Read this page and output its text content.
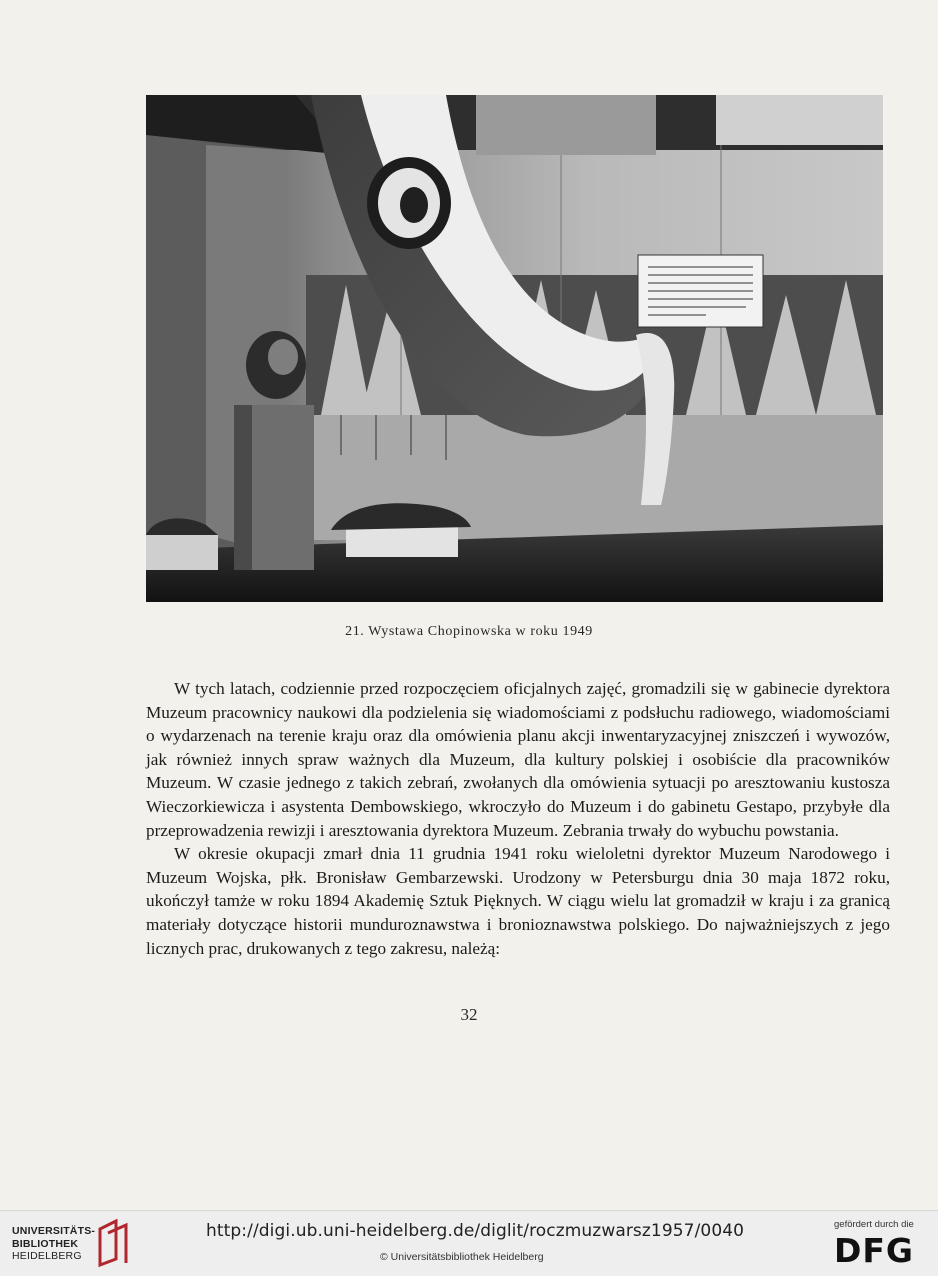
21. Wystawa Chopinowska w roku 1949

W tych latach, codziennie przed rozpoczęciem oficjalnych zajęć, gromadzili się w gabinecie dyrektora Muzeum pracownicy naukowi dla podzielenia się wiadomościami z podsłuchu radiowego, wiadomościami o wydarzenach na terenie kraju oraz dla omówienia planu akcji inwentaryzacyjnej zniszczeń i wywozów, jak również innych spraw ważnych dla Muzeum, dla kultury polskiej i osobiście dla pracowników Muzeum. W czasie jednego z takich zebrań, zwołanych dla omówienia sytuacji po aresztowaniu kustosza Wieczorkiewicza i asystenta Dembowskiego, wkroczyło do Muzeum i do gabinetu Gestapo, przybyłe dla przeprowadzenia rewizji i aresztowania dyrektora Muzeum. Zebrania trwały do wybuchu powstania.

W okresie okupacji zmarł dnia 11 grudnia 1941 roku wieloletni dyrektor Muzeum Narodowego i Muzeum Wojska, płk. Bronisław Gembarzewski. Urodzony w Petersburgu dnia 30 maja 1872 roku, ukończył tamże w roku 1894 Akademię Sztuk Pięknych. W ciągu wielu lat gromadził w kraju i za granicą materiały dotyczące historii munduroznawstwa i bronioznawstwa polskiego. Do najważniejszych z jego licznych prac, drukowanych z tego zakresu, należą:

32
UNIVERSITÄTS-
BIBLIOTHEK
HEIDELBERG
http://digi.ub.uni-heidelberg.de/diglit/roczmuzwarsz1957/0040
© Universitätsbibliothek Heidelberg
gefördert durch die
DFG
